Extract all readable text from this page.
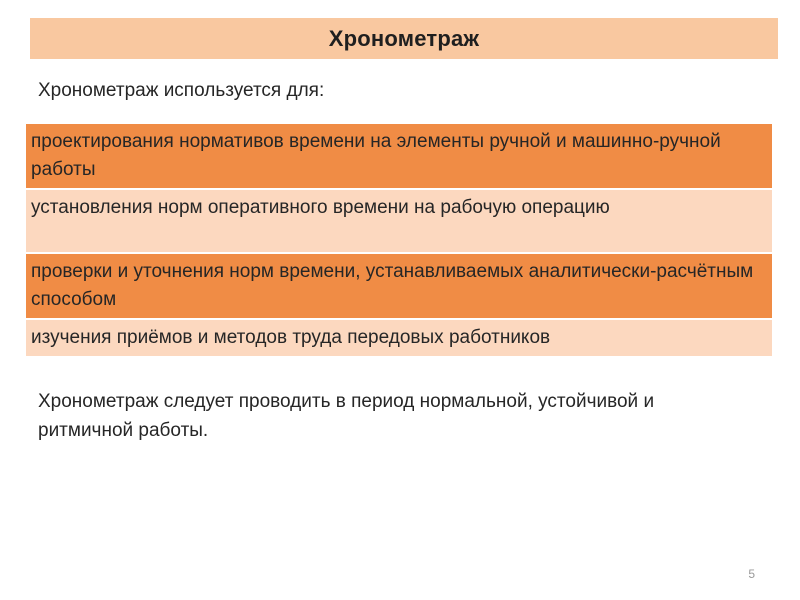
Хронометраж
Хронометраж используется для:
проектирования нормативов времени на элементы ручной и машинно-ручной работы
установления норм оперативного времени на рабочую операцию
проверки и уточнения норм времени, устанавливаемых аналитически-расчётным способом
изучения приёмов и методов труда передовых работников
Хронометраж следует проводить в период нормальной, устойчивой и ритмичной работы.
5
